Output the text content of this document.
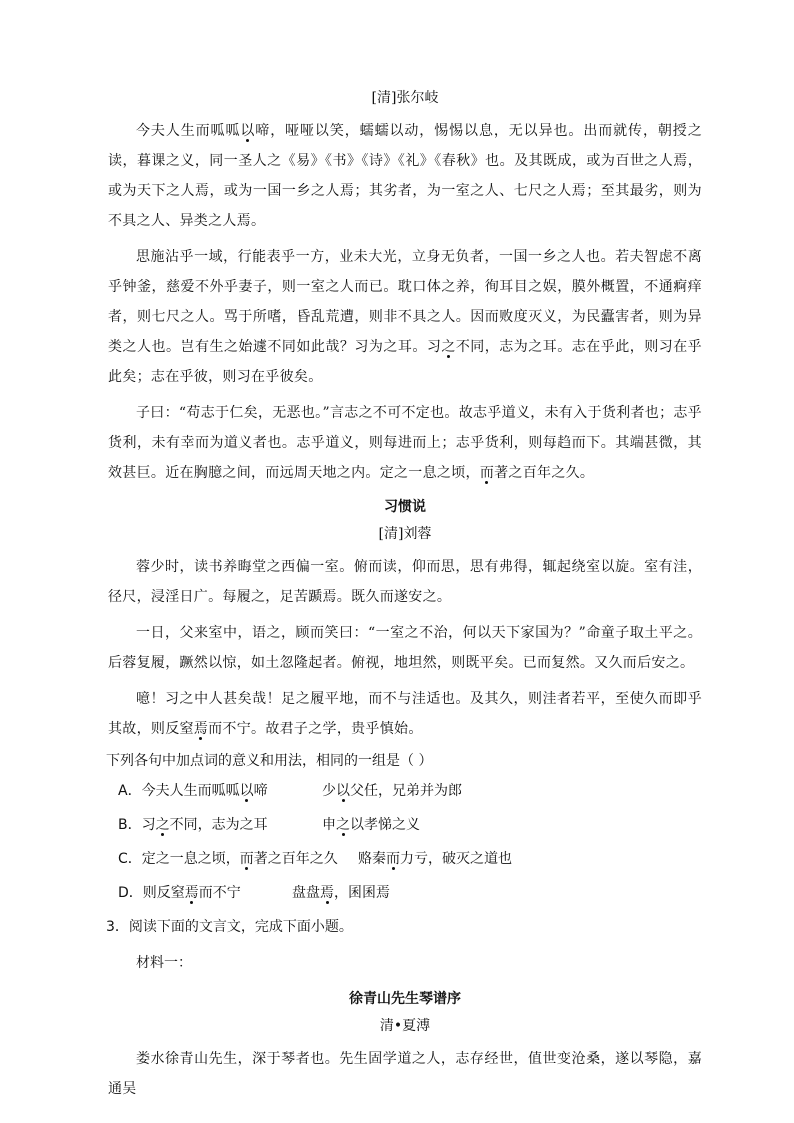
[清]张尔岐

今夫人生而呱呱以啼，哑哑以笑，蠕蠕以动，惕惕以息，无以异也。出而就传，朝授之读，暮课之义，同一圣人之《易》《书》《诗》《礼》《春秋》也。及其既成，或为百世之人焉，或为天下之人焉，或为一国一乡之人焉；其劣者，为一室之人、七尺之人焉；至其最劣，则为不具之人、异类之人焉。

思施沾乎一域，行能表乎一方，业未大光，立身无负者，一国一乡之人也。若夫智虑不离乎钟釜，慈爱不外乎妻子，则一室之人而已。耽口体之养，徇耳目之娱，膜外概置，不通痾痒者，则七尺之人。骂于所嗜，昏乱荒遭，则非不具之人。因而败度灭义，为民蠹害者，则为异类之人也。岂有生之始遽不同如此哉？习为之耳。习之不同，志为之耳。志在乎此，则习在乎此矣；志在乎彼，则习在乎彼矣。

子曰：“苟志于仁矣，无恶也。”言志之不可不定也。故志乎道义，未有入于货利者也；志乎货利，未有幸而为道义者也。志乎道义，则每进而上；志乎货利，则每趋而下。其端甚微，其效甚巨。近在胸臆之间，而远周天地之内。定之一息之顷，而著之百年之久。

习惯说
[清]刘蓉

蓉少时，读书养晦堂之西偏一室。俯而读，仰而思，思有弗得，辄起绕室以旋。室有洼，径尺，浸淫日广。每履之，足苦踬焉。既久而遂安之。

一日，父来室中，语之，顾而笑曰：“一室之不治，何以天下家国为？”命童子取土平之。后蓉复履，蹶然以惊，如土忽隆起者。俯视，地坦然，则既平矣。已而复然。又久而后安之。

噫！习之中人甚矣哉！足之履平地，而不与洼适也。及其久，则洼者若平，至使久而即乎其故，则反窒焉而不宁。故君子之学，贵乎慎始。

下列各句中加点词的意义和用法，相同的一组是（ ）
A．今夫人生而呱呱以啼	少以父任，兄弟并为郎
B．习之不同，志为之耳	申之以孝悌之义
C．定之一息之顷，而著之百年之久	赂秦而力亏，破灭之道也
D．则反窒焉而不宁	盘盘焉，囷囷焉
3．阅读下面的文言文，完成下面小题。
材料一：
徐青山先生琴谱序
清•夏溥

娄水徐青山先生，深于琴者也。先生固学道之人，志存经世，值世变沧桑，遂以琴隐，嘉通吴
